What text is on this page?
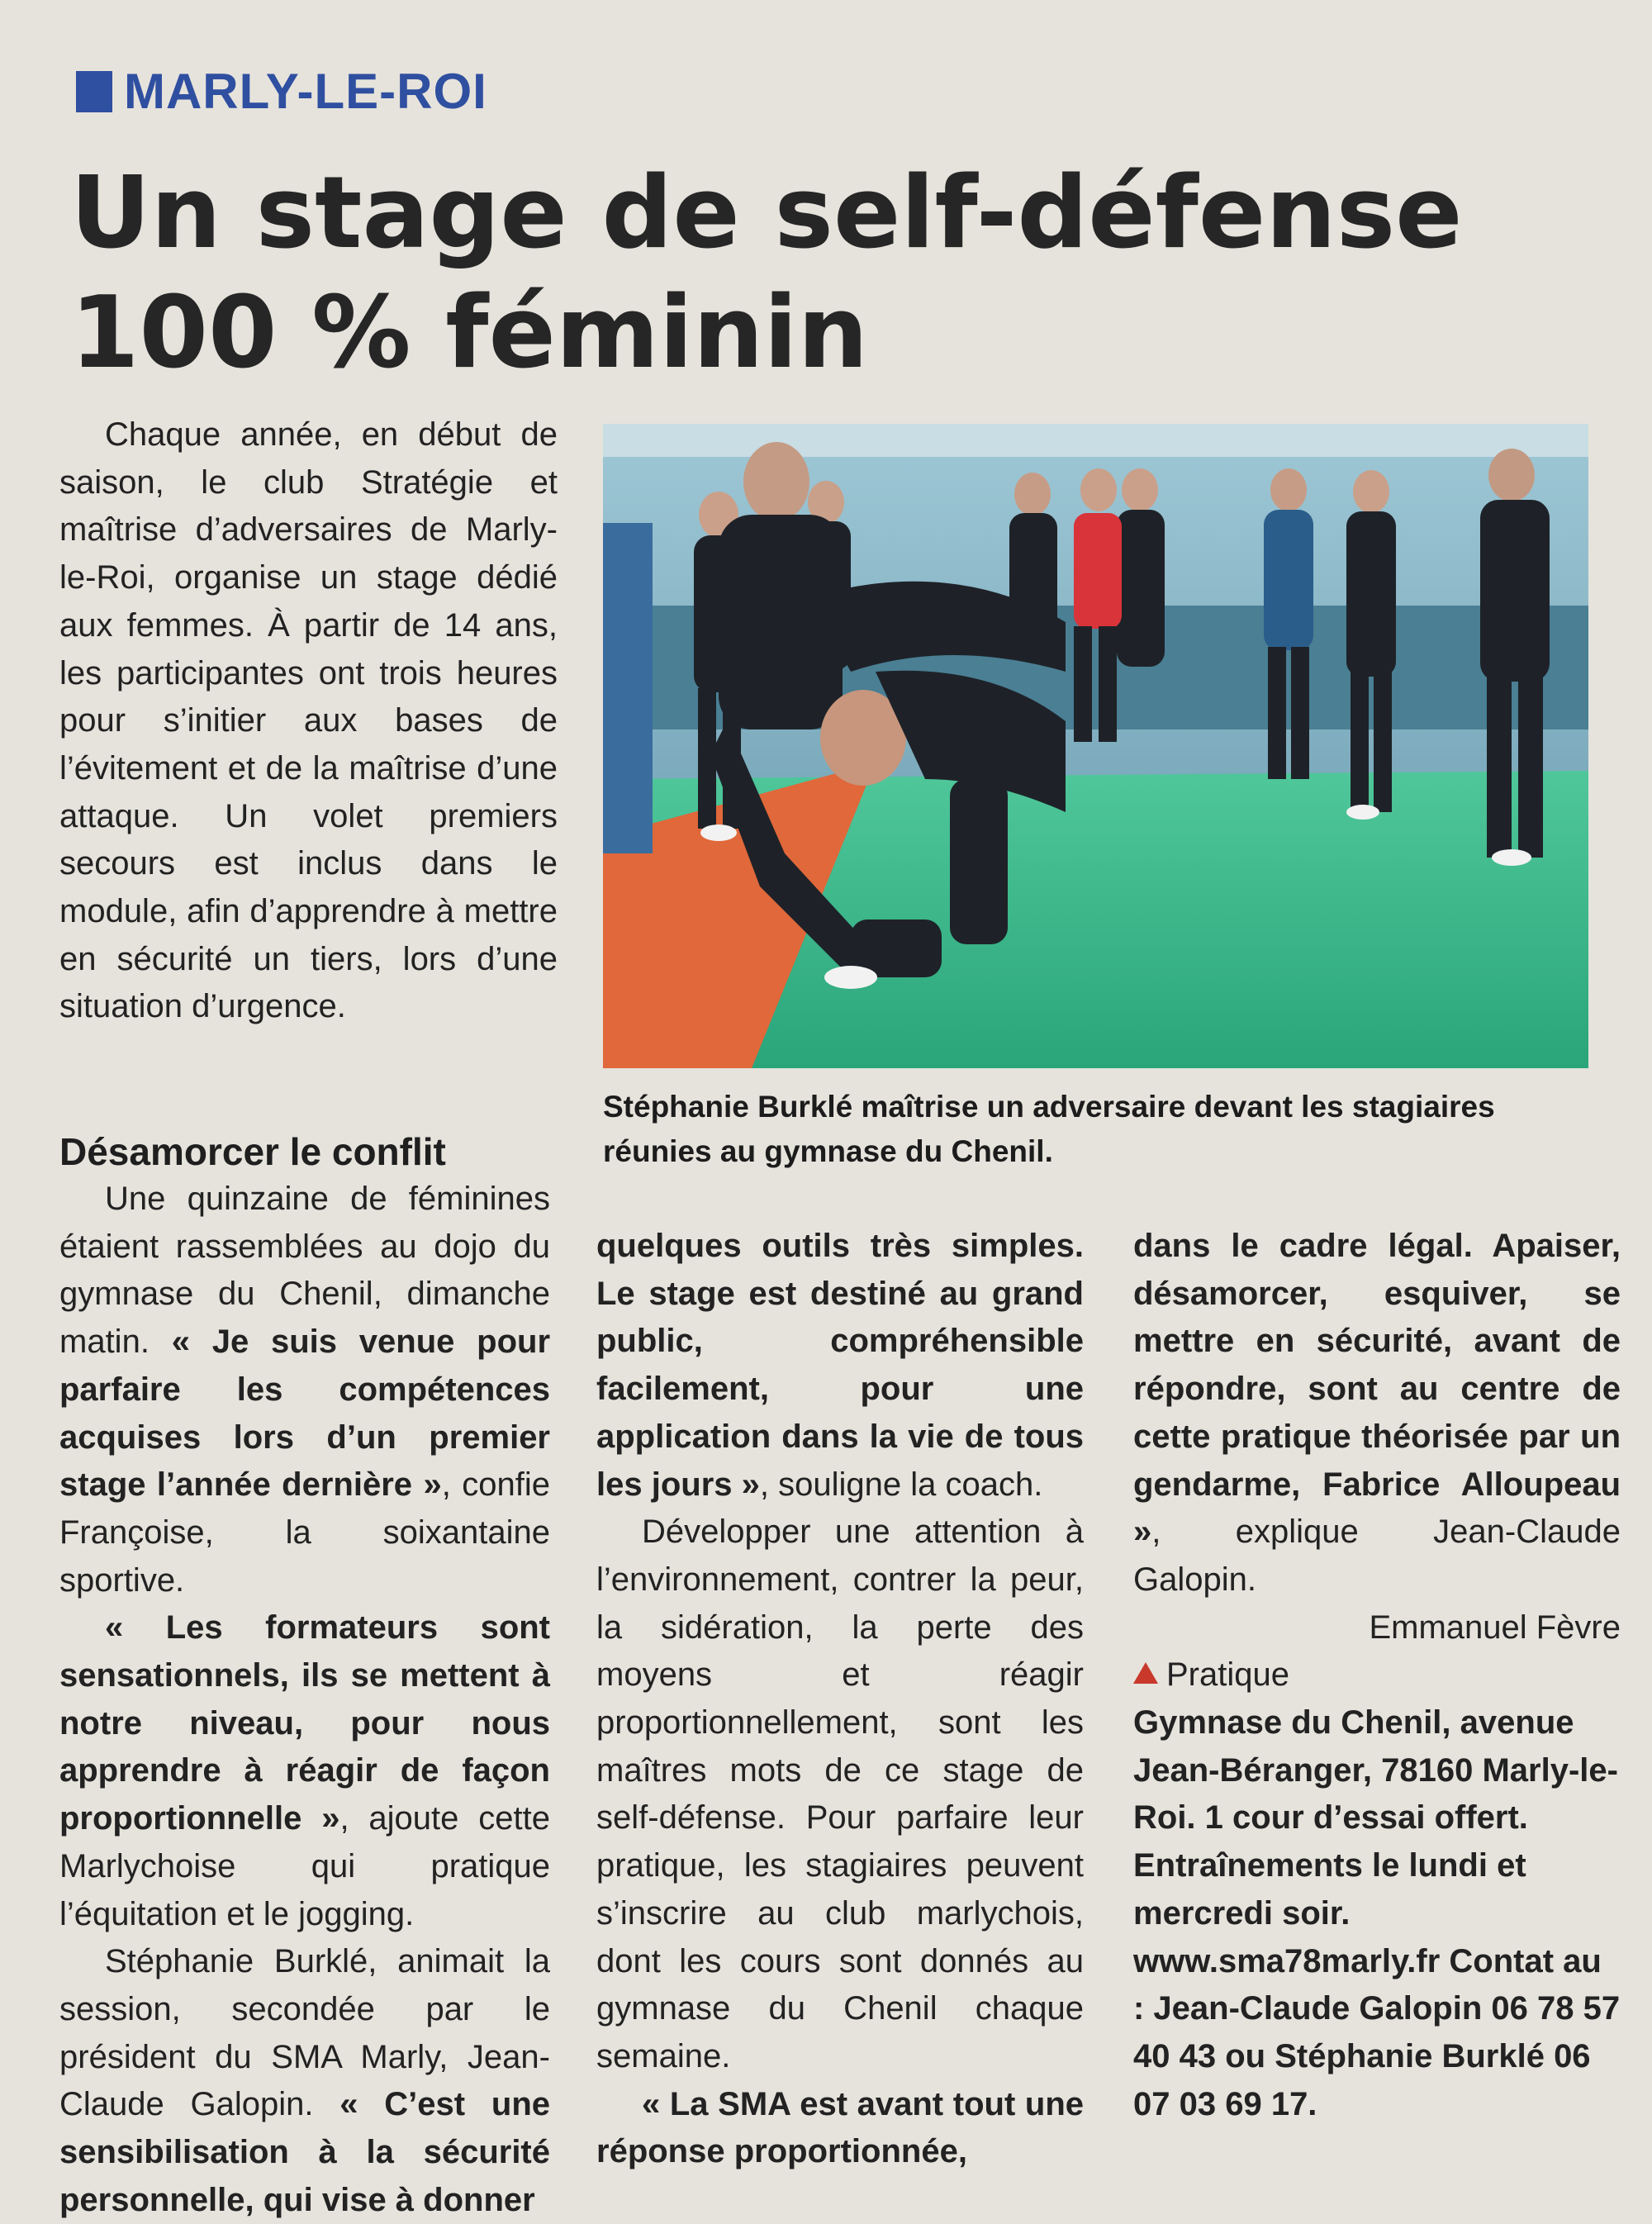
MARLY-LE-ROI
Un stage de self-défense
100 % féminin

Chaque année, en début de saison, le club Stratégie et maîtrise d’adversaires de Marly-le-Roi, organise un stage dédié aux femmes. À partir de 14 ans, les participantes ont trois heures pour s’initier aux bases de l’évitement et de la maîtrise d’une attaque. Un volet premiers secours est inclus dans le module, afin d’apprendre à mettre en sécurité un tiers, lors d’une situation d’urgence.

Stéphanie Burklé maîtrise un adversaire devant les stagiaires
réunies au gymnase du Chenil.

Désamorcer le conflit

Une quinzaine de féminines étaient rassemblées au dojo du gymnase du Chenil, dimanche matin. « Je suis venue pour parfaire les compétences acquises lors d’un premier stage l’année dernière », confie Françoise, la soixantaine sportive.

« Les formateurs sont sensationnels, ils se mettent à notre niveau, pour nous apprendre à réagir de façon proportionnelle », ajoute cette Marlychoise qui pratique l’équitation et le jogging.

Stéphanie Burklé, animait la session, secondée par le président du SMA Marly, Jean-Claude Galopin. « C’est une sensibilisation à la sécurité personnelle, qui vise à donner

quelques outils très simples. Le stage est destiné au grand public, compréhensible facilement, pour une application dans la vie de tous les jours », souligne la coach.

Développer une attention à l’environnement, contrer la peur, la sidération, la perte des moyens et réagir proportionnellement, sont les maîtres mots de ce stage de self-défense. Pour parfaire leur pratique, les stagiaires peuvent s’inscrire au club marlychois, dont les cours sont donnés au gymnase du Chenil chaque semaine.

« La SMA est avant tout une réponse proportionnée,

dans le cadre légal. Apaiser, désamorcer, esquiver, se mettre en sécurité, avant de répondre, sont au centre de cette pratique théorisée par un gendarme, Fabrice Alloupeau », explique Jean-Claude Galopin.

Emmanuel Fèvre

Pratique

Gymnase du Chenil, avenue Jean-Béranger, 78160 Marly-le-Roi. 1 cour d’essai offert. Entraînements le lundi et mercredi soir. www.sma78marly.fr Contat au : Jean-Claude Galopin 06 78 57 40 43 ou Stéphanie Burklé 06 07 03 69 17.
